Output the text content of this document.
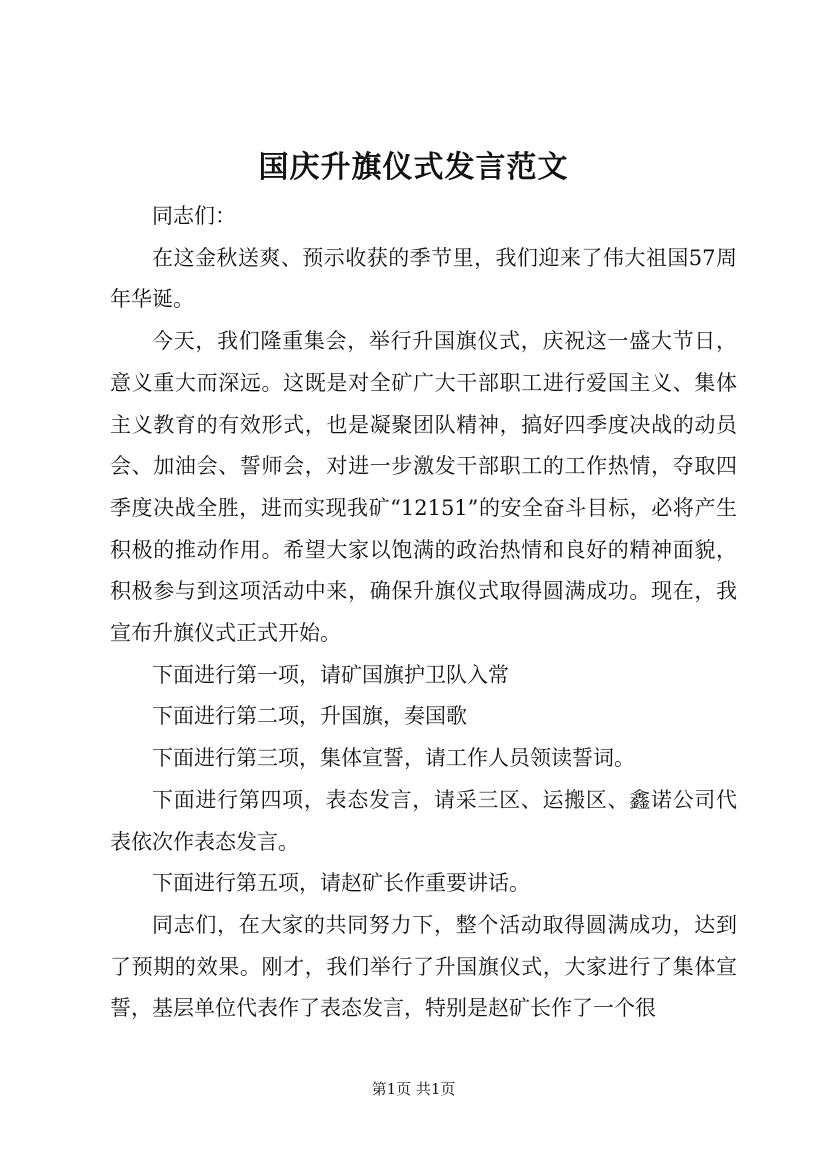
国庆升旗仪式发言范文

同志们：

在这金秋送爽、预示收获的季节里，我们迎来了伟大祖国57周年华诞。

今天，我们隆重集会，举行升国旗仪式，庆祝这一盛大节日，意义重大而深远。这既是对全矿广大干部职工进行爱国主义、集体主义教育的有效形式，也是凝聚团队精神，搞好四季度决战的动员会、加油会、誓师会，对进一步激发干部职工的工作热情，夺取四季度决战全胜，进而实现我矿“12151”的安全奋斗目标，必将产生积极的推动作用。希望大家以饱满的政治热情和良好的精神面貌，积极参与到这项活动中来，确保升旗仪式取得圆满成功。现在，我宣布升旗仪式正式开始。

下面进行第一项，请矿国旗护卫队入常

下面进行第二项，升国旗，奏国歌

下面进行第三项，集体宣誓，请工作人员领读誓词。

下面进行第四项，表态发言，请采三区、运搬区、鑫诺公司代表依次作表态发言。

下面进行第五项，请赵矿长作重要讲话。

同志们，在大家的共同努力下，整个活动取得圆满成功，达到了预期的效果。刚才，我们举行了升国旗仪式，大家进行了集体宣誓，基层单位代表作了表态发言，特别是赵矿长作了一个很

第1页 共1页
